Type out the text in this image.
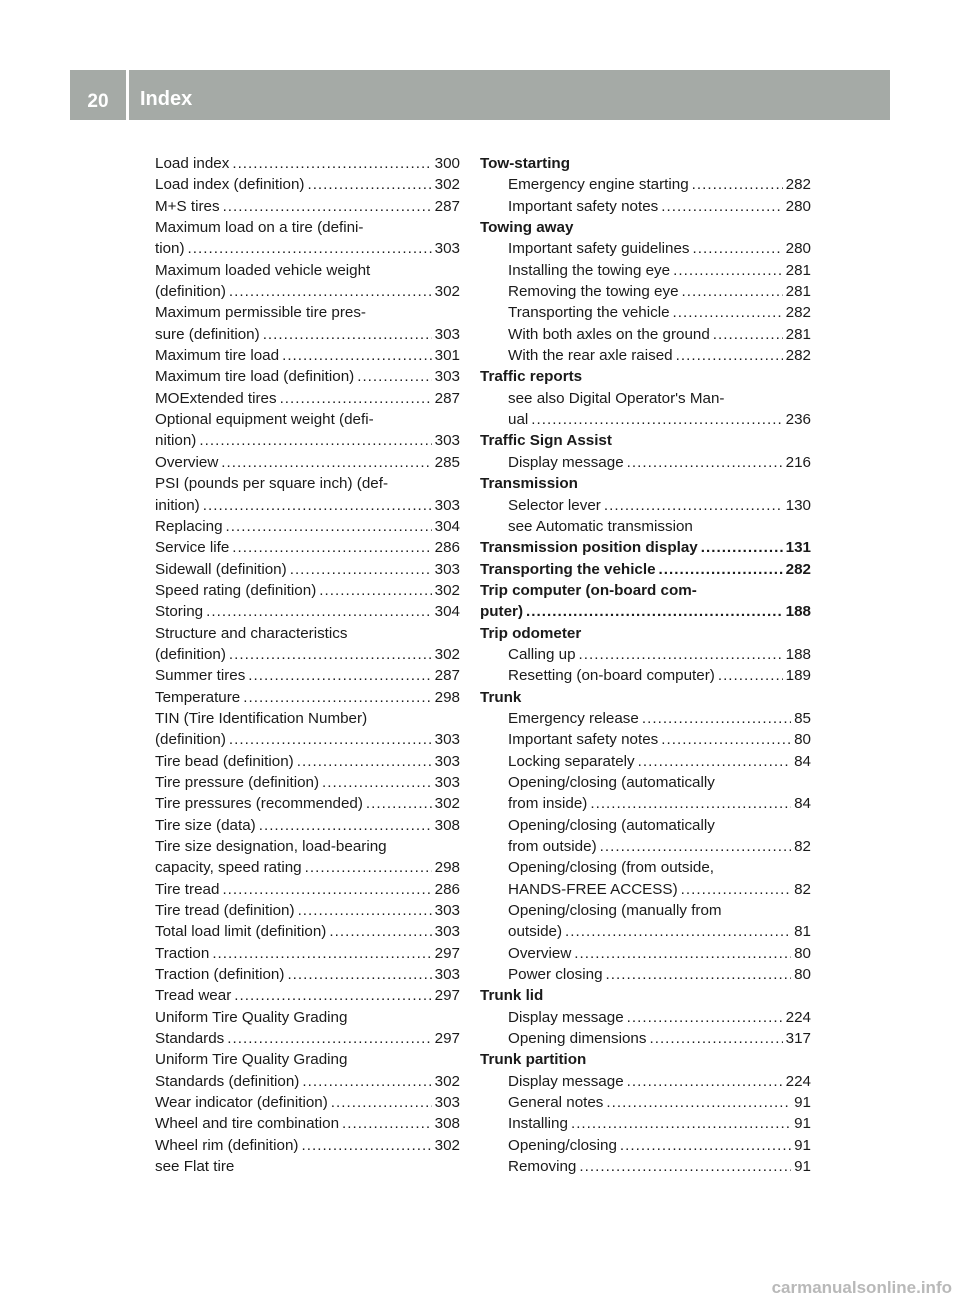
20	Index
Load index . . .	300
Load index (definition) . . .	302
M+S tires . . .	287
Maximum load on a tire (defini-
tion) . . .	303
Maximum loaded vehicle weight
(definition) . . .	302
Maximum permissible tire pres-
sure (definition) . . .	303
Maximum tire load . . .	301
Maximum tire load (definition) . . .	303
MOExtended tires . . .	287
Optional equipment weight (defi-
nition) . . .	303
Overview . . .	285
PSI (pounds per square inch) (def-
inition) . . .	303
Replacing . . .	304
Service life . . .	286
Sidewall (definition) . . .	303
Speed rating (definition) . . .	302
Storing . . .	304
Structure and characteristics
(definition) . . .	302
Summer tires . . .	287
Temperature . . .	298
TIN (Tire Identification Number)
(definition) . . .	303
Tire bead (definition) . . .	303
Tire pressure (definition) . . .	303
Tire pressures (recommended) . . .	302
Tire size (data) . . .	308
Tire size designation, load-bearing
capacity, speed rating . . .	298
Tire tread . . .	286
Tire tread (definition) . . .	303
Total load limit (definition) . . .	303
Traction . . .	297
Traction (definition) . . .	303
Tread wear . . .	297
Uniform Tire Quality Grading
Standards . . .	297
Uniform Tire Quality Grading
Standards (definition) . . .	302
Wear indicator (definition) . . .	303
Wheel and tire combination . . .	308
Wheel rim (definition) . . .	302
see Flat tire
Tow-starting
Emergency engine starting . . .	282
Important safety notes . . .	280
Towing away
Important safety guidelines . . .	280
Installing the towing eye . . .	281
Removing the towing eye . . .	281
Transporting the vehicle . . .	282
With both axles on the ground . . .	281
With the rear axle raised . . .	282
Traffic reports
see also Digital Operator's Man-
ual . . .	236
Traffic Sign Assist
Display message . . .	216
Transmission
Selector lever . . .	130
see Automatic transmission
Transmission position display . . .	131
Transporting the vehicle . . .	282
Trip computer (on-board com-
puter) . . .	188
Trip odometer
Calling up . . .	188
Resetting (on-board computer) . . .	189
Trunk
Emergency release . . .	85
Important safety notes . . .	80
Locking separately . . .	84
Opening/closing (automatically
from inside) . . .	84
Opening/closing (automatically
from outside) . . .	82
Opening/closing (from outside,
HANDS-FREE ACCESS) . . .	82
Opening/closing (manually from
outside) . . .	81
Overview . . .	80
Power closing . . .	80
Trunk lid
Display message . . .	224
Opening dimensions . . .	317
Trunk partition
Display message . . .	224
General notes . . .	91
Installing . . .	91
Opening/closing . . .	91
Removing . . .	91
carmanualsonline.info
